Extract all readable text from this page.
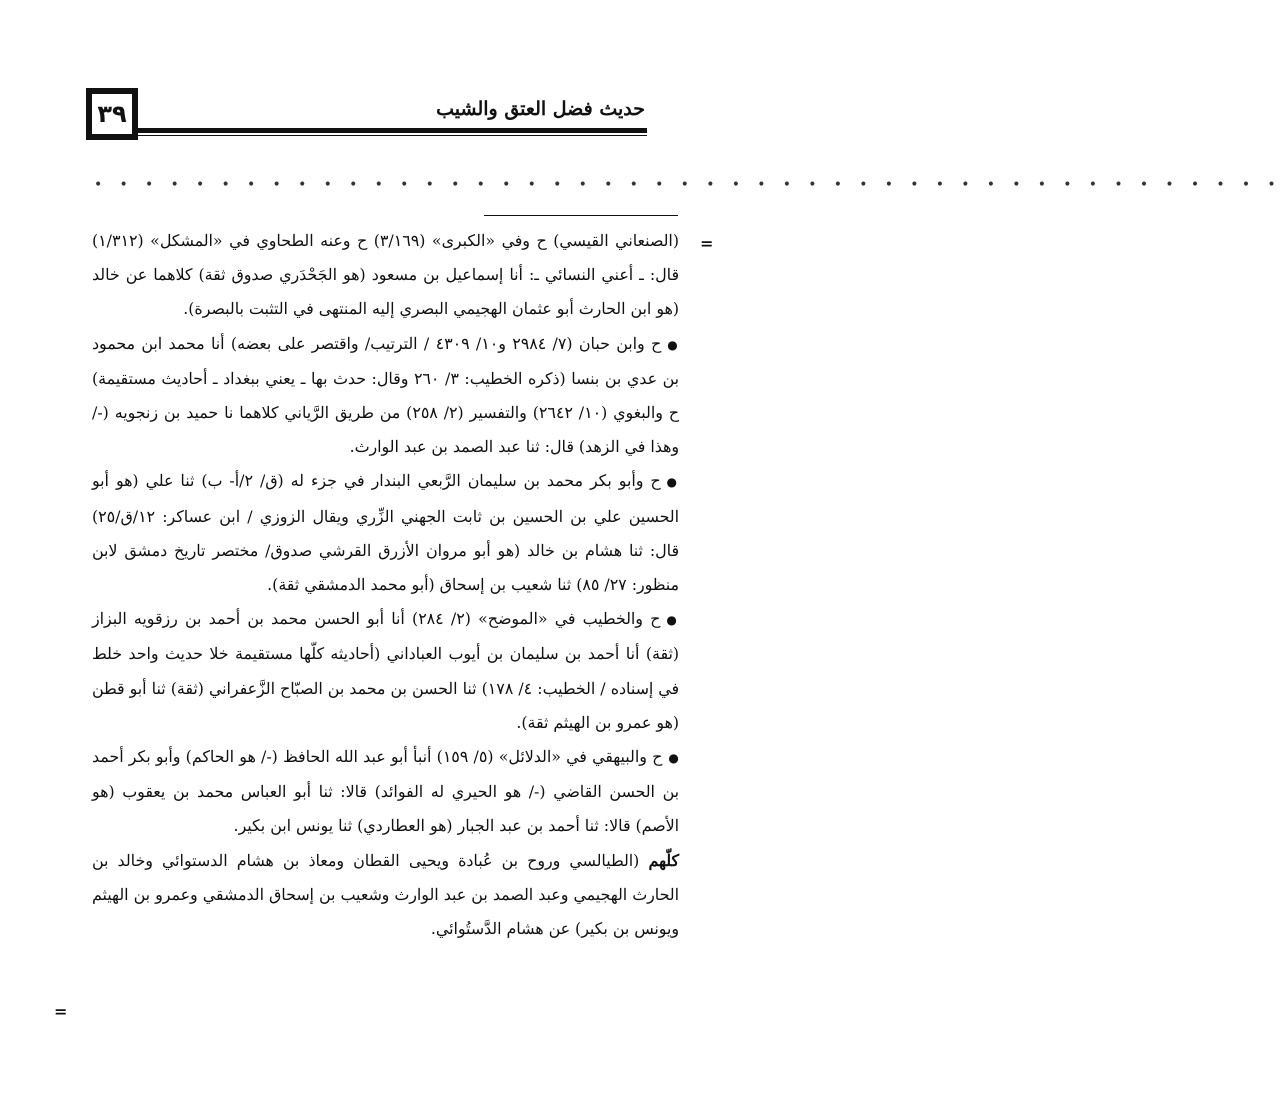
٣٩	حديث فضل العتق والشيب
• • • • • • • • • • • • • • • • • • • • • • • • • • • • • • • • • • • • • • • • • • • • • • •
=
=

(الصنعاني القيسي) ح وفي «الكبرى» (٣/١٦٩) ح وعنه الطحاوي في «المشكل» (١/٣١٢) قال: ـ أعني النسائي ـ: أنا إسماعيل بن مسعود (هو الجَحْدَري صدوق ثقة) كلاهما عن خالد (هو ابن الحارث أبو عثمان الهجيمي البصري إليه المنتهى في التثبت بالبصرة).

●ح وابن حبان (٧/ ٢٩٨٤ و١٠/ ٤٣٠٩ / الترتيب/ واقتصر على بعضه) أنا محمد ابن محمود بن عدي بن بنسا (ذكره الخطيب: ٣/ ٢٦٠ وقال: حدث بها ـ يعني ببغداد ـ أحاديث مستقيمة) ح والبغوي (١٠/ ٢٦٤٢) والتفسير (٢/ ٢٥٨) من طريق الرَّياني كلاهما نا حميد بن زنجويه (-/ وهذا في الزهد) قال: ثنا عبد الصمد بن عبد الوارث.

●ح وأبو بكر محمد بن سليمان الرَّبعي البندار في جزء له (ق/ ٢/أ- ب) ثنا علي (هو أبو الحسين علي بن الحسين بن ثابت الجهني الزِّري ويقال الزوزي / ابن عساكر: ١٢/ق/٢٥) قال: ثنا هشام بن خالد (هو أبو مروان الأزرق القرشي صدوق/ مختصر تاريخ دمشق لابن منظور: ٢٧/ ٨٥) ثنا شعيب بن إسحاق (أبو محمد الدمشقي ثقة).

●ح والخطيب في «الموضح» (٢/ ٢٨٤) أنا أبو الحسن محمد بن أحمد بن رزقويه البزاز (ثقة) أنا أحمد بن سليمان بن أيوب العباداني (أحاديثه كلّها مستقيمة خلا حديث واحد خلط في إسناده / الخطيب: ٤/ ١٧٨) ثنا الحسن بن محمد بن الصبّاح الزَّعفراني (ثقة) ثنا أبو قطن (هو عمرو بن الهيثم ثقة).

●ح والبيهقي في «الدلائل» (٥/ ١٥٩) أنبأ أبو عبد الله الحافظ (-/ هو الحاكم) وأبو بكر أحمد بن الحسن القاضي (-/ هو الحيري له الفوائد) قالا: ثنا أبو العباس محمد بن يعقوب (هو الأصم) قالا: ثنا أحمد بن عبد الجبار (هو العطاردي) ثنا يونس ابن بكير.

كلّهم (الطيالسي وروح بن عُبادة ويحيى القطان ومعاذ بن هشام الدستوائي وخالد بن الحارث الهجيمي وعبد الصمد بن عبد الوارث وشعيب بن إسحاق الدمشقي وعمرو بن الهيثم ويونس بن بكير) عن هشام الدَّستُوائي.
